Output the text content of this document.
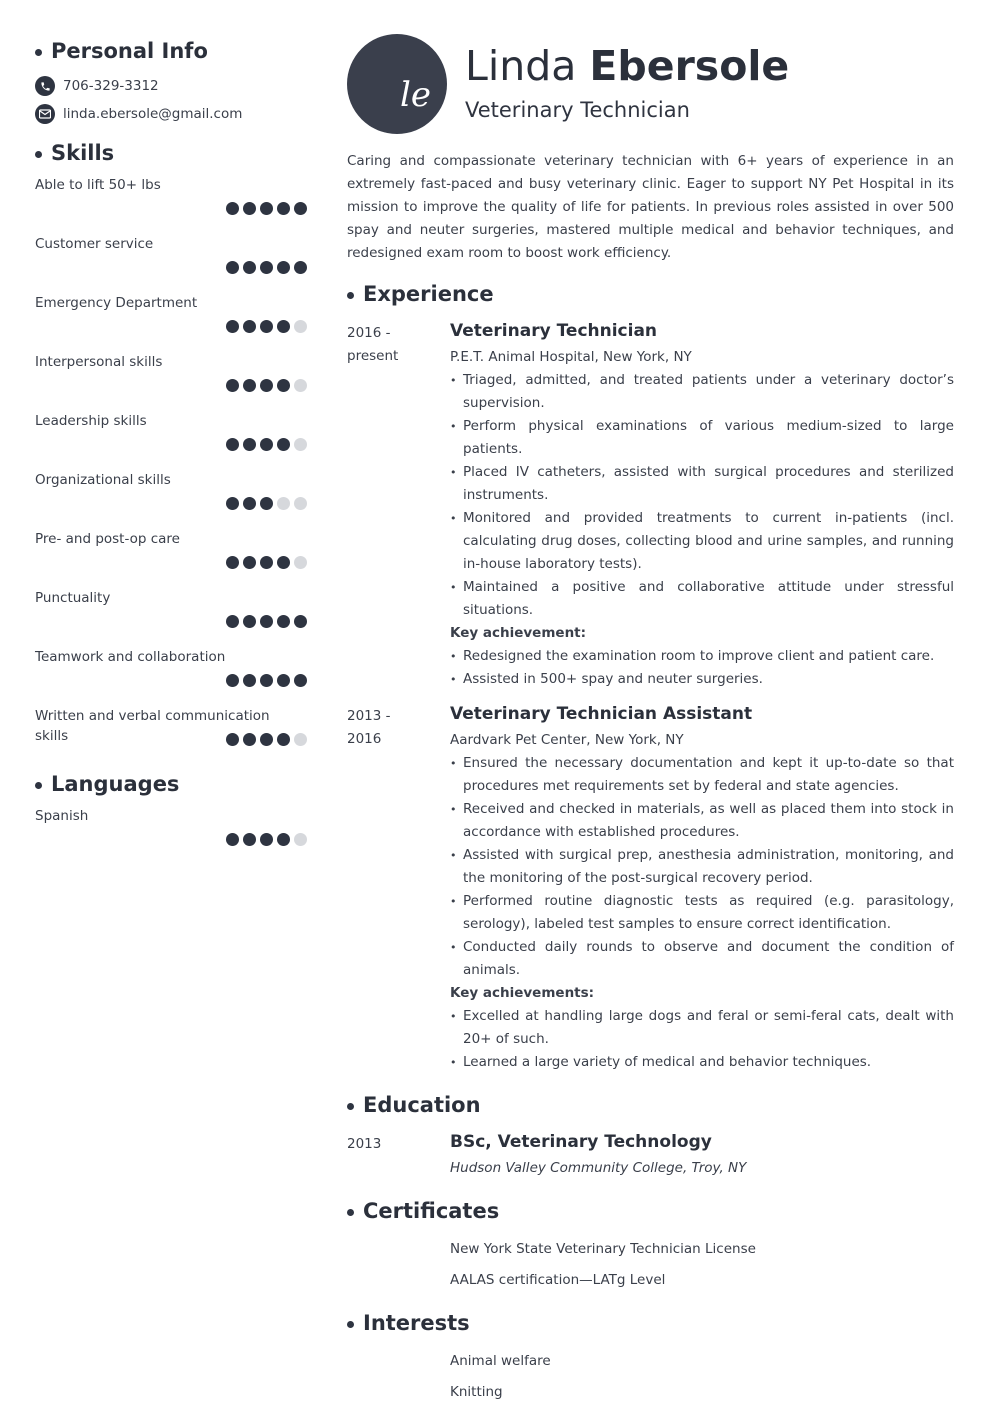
Personal Info
706-329-3312
linda.ebersole@gmail.com
Skills
Able to lift 50+ lbs
Customer service
Emergency Department
Interpersonal skills
Leadership skills
Organizational skills
Pre- and post-op care
Punctuality
Teamwork and collaboration
Written and verbal communication skills
Languages
Spanish
le
Linda Ebersole
Veterinary Technician
Caring and compassionate veterinary technician with 6+ years of experience in an extremely fast-paced and busy veterinary clinic. Eager to support NY Pet Hospital in its mission to improve the quality of life for patients. In previous roles assisted in over 500 spay and neuter surgeries, mastered multiple medical and behavior techniques, and redesigned exam room to boost work efficiency.
Experience
2016 -
present
Veterinary Technician
P.E.T. Animal Hospital, New York, NY
• Triaged, admitted, and treated patients under a veterinary doctor’s supervision.
• Perform physical examinations of various medium-sized to large patients.
• Placed IV catheters, assisted with surgical procedures and sterilized instruments.
• Monitored and provided treatments to current in-patients (incl. calculating drug doses, collecting blood and urine samples, and running in-house laboratory tests).
• Maintained a positive and collaborative attitude under stressful situations.
Key achievement:
• Redesigned the examination room to improve client and patient care.
• Assisted in 500+ spay and neuter surgeries.
2013 -
2016
Veterinary Technician Assistant
Aardvark Pet Center, New York, NY
• Ensured the necessary documentation and kept it up-to-date so that procedures met requirements set by federal and state agencies.
• Received and checked in materials, as well as placed them into stock in accordance with established procedures.
• Assisted with surgical prep, anesthesia administration, monitoring, and the monitoring of the post-surgical recovery period.
• Performed routine diagnostic tests as required (e.g. parasitology, serology), labeled test samples to ensure correct identification.
• Conducted daily rounds to observe and document the condition of animals.
Key achievements:
• Excelled at handling large dogs and feral or semi-feral cats, dealt with 20+ of such.
• Learned a large variety of medical and behavior techniques.
Education
2013	BSc, Veterinary Technology
Hudson Valley Community College, Troy, NY
Certificates
New York State Veterinary Technician License
AALAS certification—LATg Level
Interests
Animal welfare
Knitting
